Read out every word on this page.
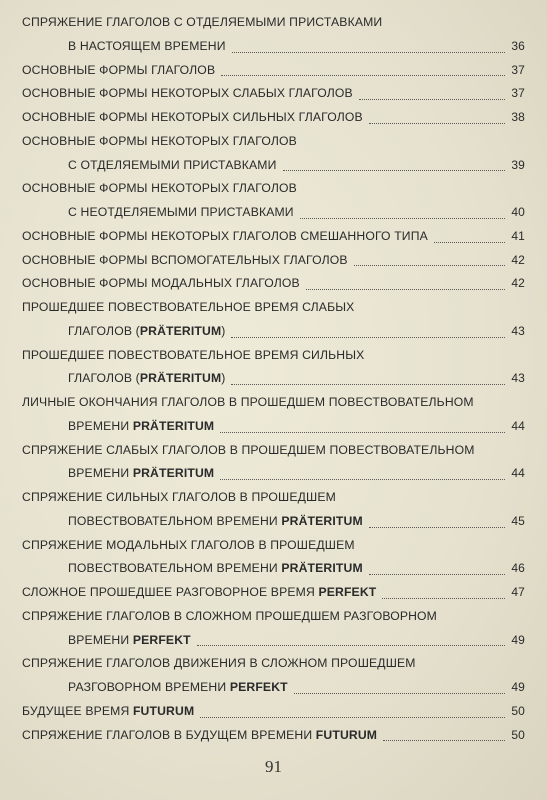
СПРЯЖЕНИЕ ГЛАГОЛОВ С ОТДЕЛЯЕМЫМИ ПРИСТАВКАМИ
В НАСТОЯЩЕМ ВРЕМЕНИ	36
ОСНОВНЫЕ ФОРМЫ ГЛАГОЛОВ	37
ОСНОВНЫЕ ФОРМЫ НЕКОТОРЫХ СЛАБЫХ ГЛАГОЛОВ	37
ОСНОВНЫЕ ФОРМЫ НЕКОТОРЫХ СИЛЬНЫХ ГЛАГОЛОВ	38
ОСНОВНЫЕ ФОРМЫ НЕКОТОРЫХ ГЛАГОЛОВ
С ОТДЕЛЯЕМЫМИ ПРИСТАВКАМИ	39
ОСНОВНЫЕ ФОРМЫ НЕКОТОРЫХ ГЛАГОЛОВ
С НЕОТДЕЛЯЕМЫМИ ПРИСТАВКАМИ	40
ОСНОВНЫЕ ФОРМЫ НЕКОТОРЫХ ГЛАГОЛОВ СМЕШАННОГО ТИПА	41
ОСНОВНЫЕ ФОРМЫ ВСПОМОГАТЕЛЬНЫХ ГЛАГОЛОВ	42
ОСНОВНЫЕ ФОРМЫ МОДАЛЬНЫХ ГЛАГОЛОВ	42
ПРОШЕДШЕЕ ПОВЕСТВОВАТЕЛЬНОЕ ВРЕМЯ СЛАБЫХ
ГЛАГОЛОВ (PRÄTERITUM)	43
ПРОШЕДШЕЕ ПОВЕСТВОВАТЕЛЬНОЕ ВРЕМЯ СИЛЬНЫХ
ГЛАГОЛОВ (PRÄTERITUM)	43
ЛИЧНЫЕ ОКОНЧАНИЯ ГЛАГОЛОВ В ПРОШЕДШЕМ ПОВЕСТВОВАТЕЛЬНОМ
ВРЕМЕНИ PRÄTERITUM	44
СПРЯЖЕНИЕ СЛАБЫХ ГЛАГОЛОВ В ПРОШЕДШЕМ ПОВЕСТВОВАТЕЛЬНОМ
ВРЕМЕНИ PRÄTERITUM	44
СПРЯЖЕНИЕ СИЛЬНЫХ ГЛАГОЛОВ В ПРОШЕДШЕМ
ПОВЕСТВОВАТЕЛЬНОМ ВРЕМЕНИ PRÄTERITUM	45
СПРЯЖЕНИЕ МОДАЛЬНЫХ ГЛАГОЛОВ В ПРОШЕДШЕМ
ПОВЕСТВОВАТЕЛЬНОМ ВРЕМЕНИ PRÄTERITUM	46
СЛОЖНОЕ ПРОШЕДШЕЕ РАЗГОВОРНОЕ ВРЕМЯ PERFEKT	47
СПРЯЖЕНИЕ ГЛАГОЛОВ В СЛОЖНОМ ПРОШЕДШЕМ РАЗГОВОРНОМ
ВРЕМЕНИ PERFEKT	49
СПРЯЖЕНИЕ ГЛАГОЛОВ ДВИЖЕНИЯ В СЛОЖНОМ ПРОШЕДШЕМ
РАЗГОВОРНОМ ВРЕМЕНИ PERFEKT	49
БУДУЩЕЕ ВРЕМЯ FUTURUM	50
СПРЯЖЕНИЕ ГЛАГОЛОВ В БУДУЩЕМ ВРЕМЕНИ FUTURUM	50
91
